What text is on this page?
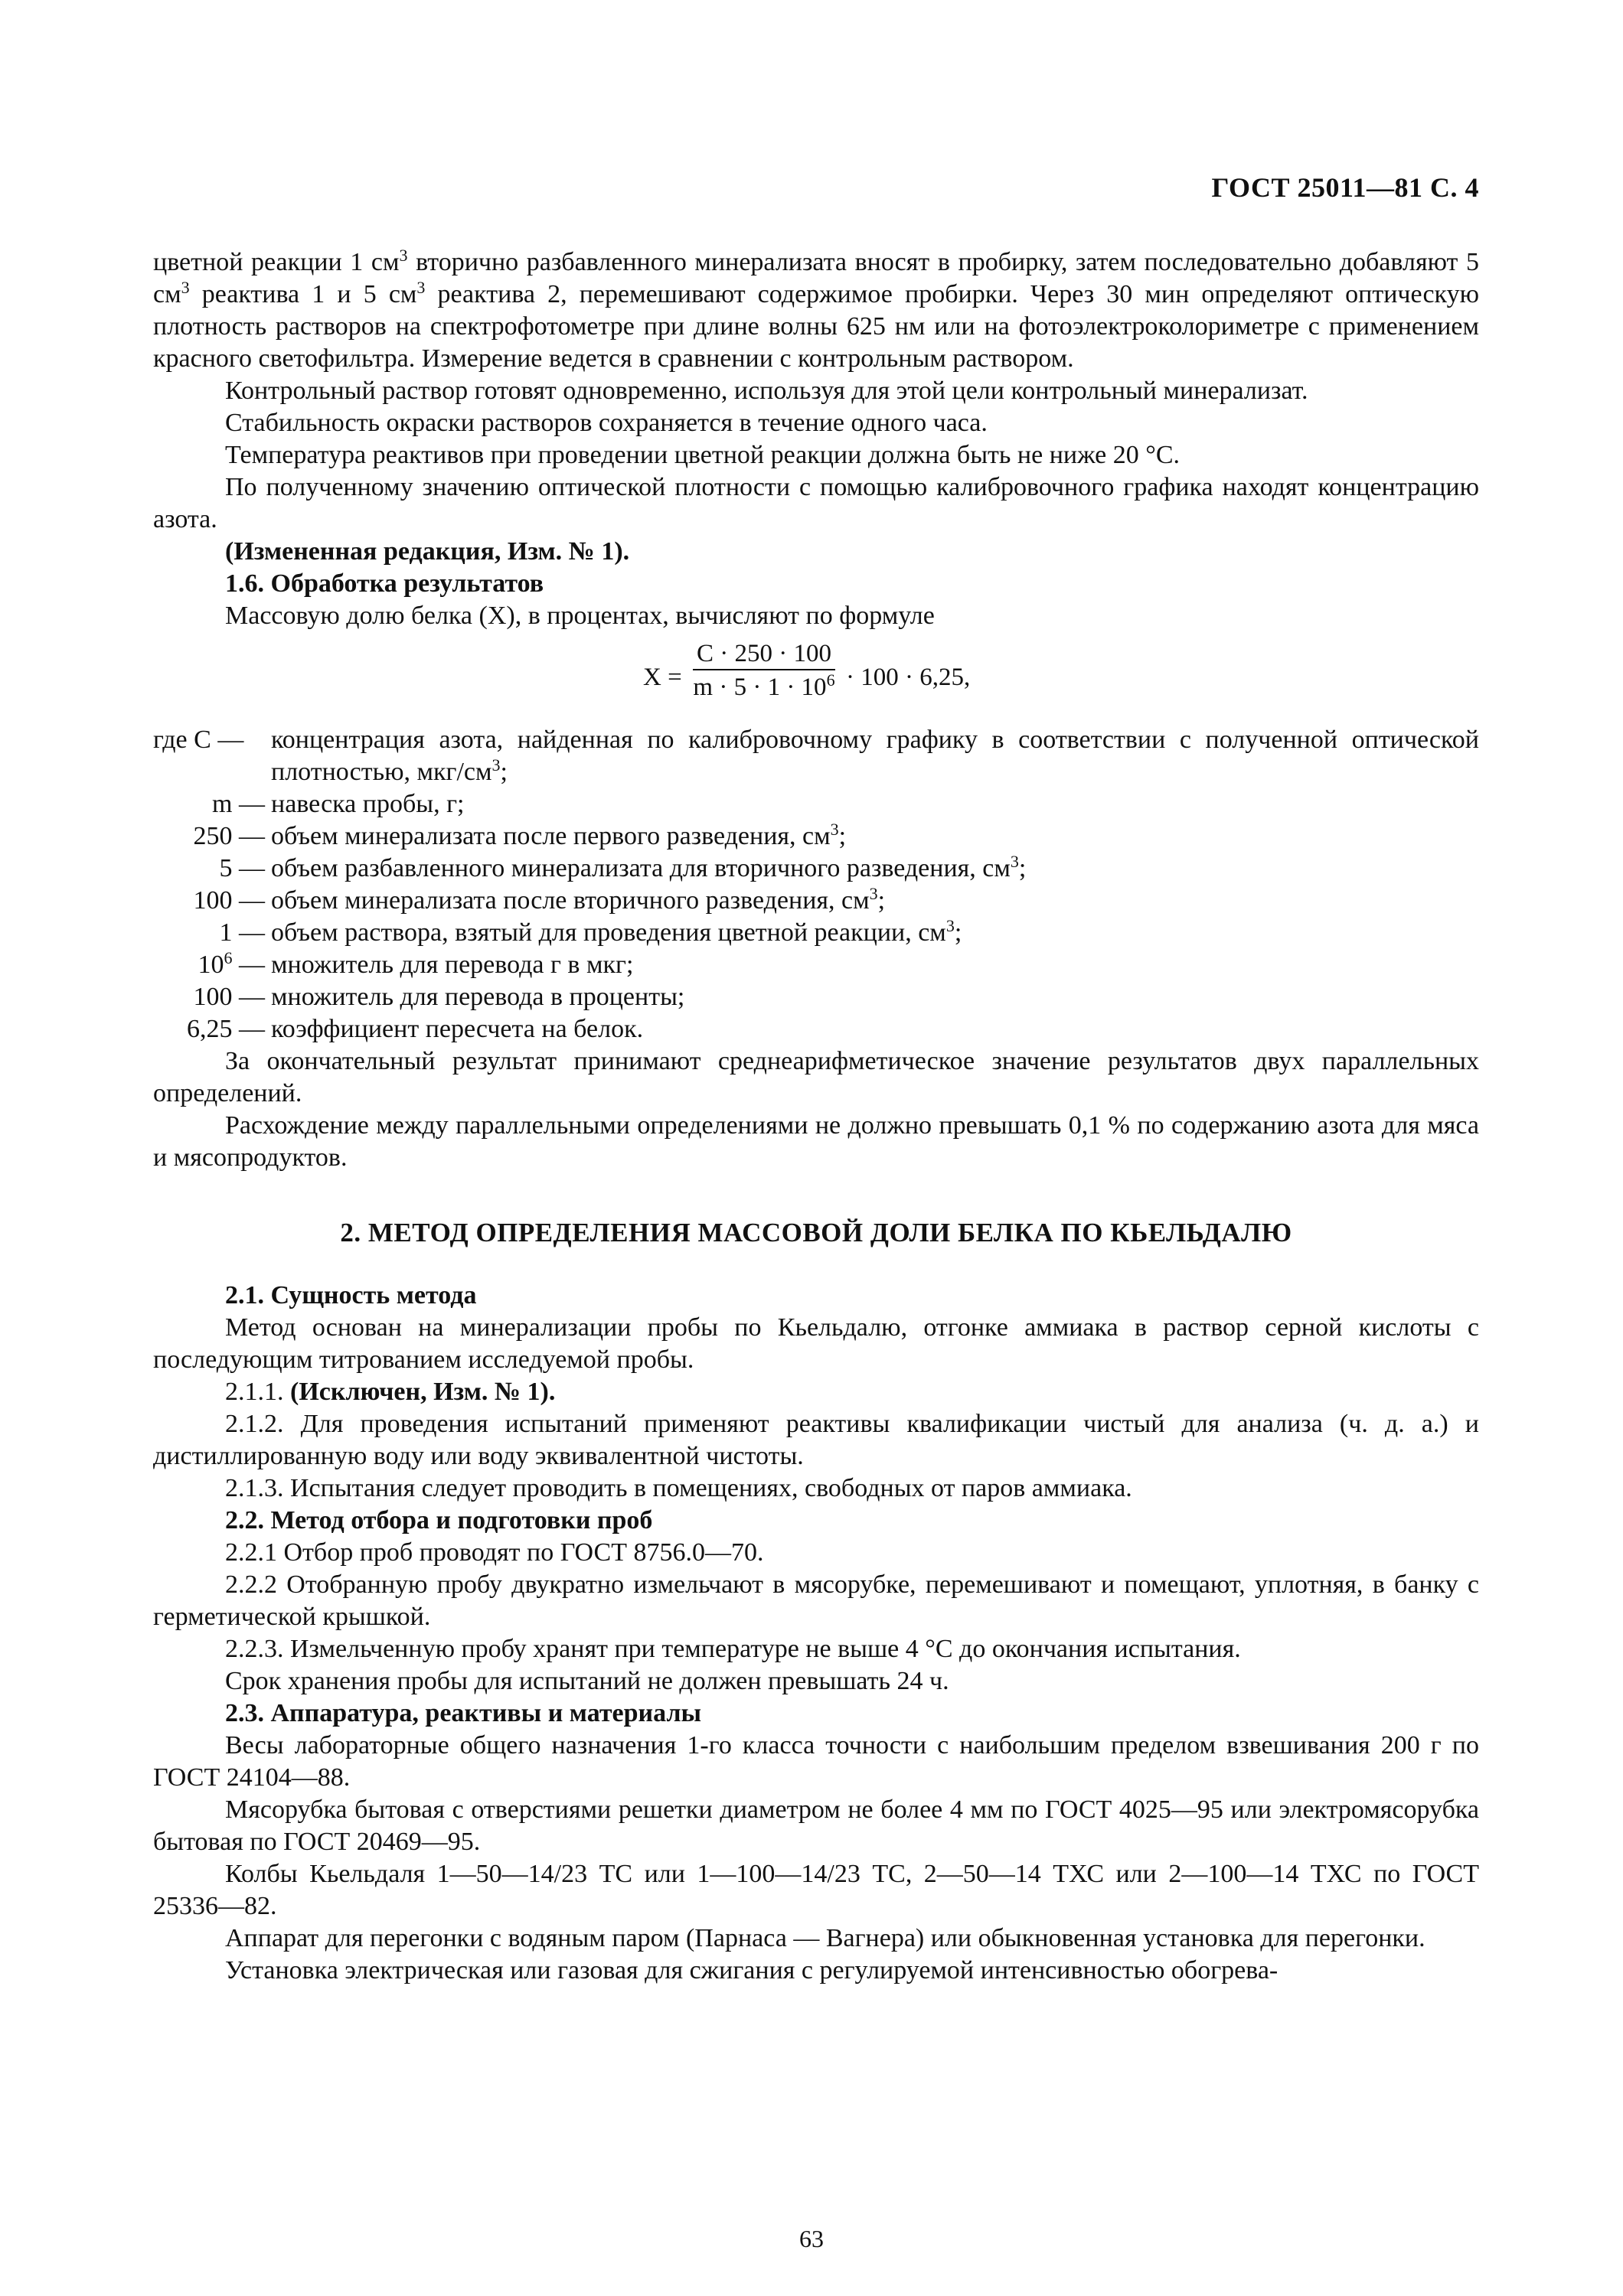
ГОСТ 25011—81 С. 4

цветной реакции 1 $см^3$ вторично разбавленного минерализата вносят в пробирку, затем последовательно добавляют 5 $см^3$ реактива 1 и 5 $см^3$ реактива 2, перемешивают содержимое пробирки. Через 30 мин определяют оптическую плотность растворов на спектрофотометре при длине волны 625 нм или на фотоэлектроколориметре с применением красного светофильтра. Измерение ведется в сравнении с контрольным раствором.

Контрольный раствор готовят одновременно, используя для этой цели контрольный минерализат.

Стабильность окраски растворов сохраняется в течение одного часа.

Температура реактивов при проведении цветной реакции должна быть не ниже 20 °С.

По полученному значению оптической плотности с помощью калибровочного графика находят концентрацию азота.

(Измененная редакция, Изм. № 1).

1.6. Обработка результатов

Массовую долю белка (X), в процентах, вычисляют по формуле

$X = \frac{C \cdot 250 \cdot 100}{m \cdot 5 \cdot 1 \cdot 10^6} \cdot 100 \cdot 6,25$,
где C —	концентрация азота, найденная по калибровочному графику в соответствии с полученной оптической плотностью, мкг/$см^3$;
m — навеска пробы, г;
250 — объем минерализата после первого разведения, $см^3$;
5 — объем разбавленного минерализата для вторичного разведения, $см^3$;
100 — объем минерализата после вторичного разведения, $см^3$;
1 — объем раствора, взятый для проведения цветной реакции, $см^3$;
$10^6$ — множитель для перевода г в мкг;
100 — множитель для перевода в проценты;
6,25 — коэффициент пересчета на белок.

За окончательный результат принимают среднеарифметическое значение результатов двух параллельных определений.

Расхождение между параллельными определениями не должно превышать 0,1 % по содержанию азота для мяса и мясопродуктов.

2. МЕТОД ОПРЕДЕЛЕНИЯ МАССОВОЙ ДОЛИ БЕЛКА ПО КЬЕЛЬДАЛЮ

2.1. Сущность метода

Метод основан на минерализации пробы по Кьельдалю, отгонке аммиака в раствор серной кислоты с последующим титрованием исследуемой пробы.

2.1.1. (Исключен, Изм. № 1).

2.1.2. Для проведения испытаний применяют реактивы квалификации чистый для анализа (ч. д. а.) и дистиллированную воду или воду эквивалентной чистоты.

2.1.3. Испытания следует проводить в помещениях, свободных от паров аммиака.

2.2. Метод отбора и подготовки проб

2.2.1 Отбор проб проводят по ГОСТ 8756.0—70.

2.2.2 Отобранную пробу двукратно измельчают в мясорубке, перемешивают и помещают, уплотняя, в банку с герметической крышкой.

2.2.3. Измельченную пробу хранят при температуре не выше 4 °С до окончания испытания.

Срок хранения пробы для испытаний не должен превышать 24 ч.

2.3. Аппаратура, реактивы и материалы

Весы лабораторные общего назначения 1-го класса точности с наибольшим пределом взвешивания 200 г по ГОСТ 24104—88.

Мясорубка бытовая с отверстиями решетки диаметром не более 4 мм по ГОСТ 4025—95 или электромясорубка бытовая по ГОСТ 20469—95.

Колбы Кьельдаля 1—50—14/23 ТС или 1—100—14/23 ТС, 2—50—14 ТХС или 2—100—14 ТХС по ГОСТ 25336—82.

Аппарат для перегонки с водяным паром (Парнаса — Вагнера) или обыкновенная установка для перегонки.

Установка электрическая или газовая для сжигания с регулируемой интенсивностью обогрева-

63
